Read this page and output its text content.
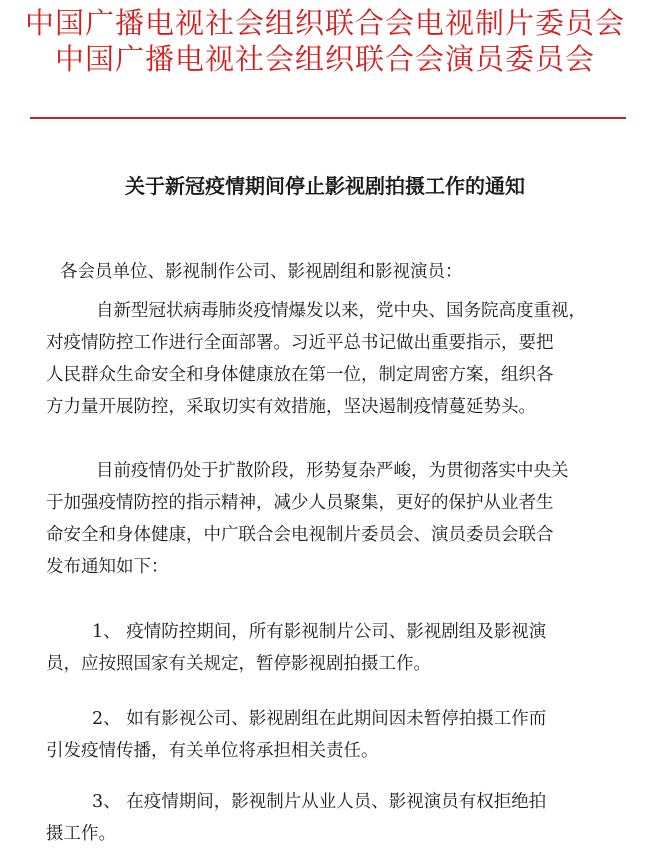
中国广播电视社会组织联合会电视制片委员会
中国广播电视社会组织联合会演员委员会
关于新冠疫情期间停止影视剧拍摄工作的通知
各会员单位、影视制作公司、影视剧组和影视演员：
自新型冠状病毒肺炎疫情爆发以来，党中央、国务院高度重视，
对疫情防控工作进行全面部署。习近平总书记做出重要指示，要把
人民群众生命安全和身体健康放在第一位，制定周密方案，组织各
方力量开展防控，采取切实有效措施，坚决遏制疫情蔓延势头。
目前疫情仍处于扩散阶段，形势复杂严峻，为贯彻落实中央关
于加强疫情防控的指示精神，减少人员聚集，更好的保护从业者生
命安全和身体健康，中广联合会电视制片委员会、演员委员会联合
发布通知如下：
1、 疫情防控期间，所有影视制片公司、影视剧组及影视演
员，应按照国家有关规定，暂停影视剧拍摄工作。
2、 如有影视公司、影视剧组在此期间因未暂停拍摄工作而
引发疫情传播，有关单位将承担相关责任。
3、 在疫情期间，影视制片从业人员、影视演员有权拒绝拍
摄工作。
